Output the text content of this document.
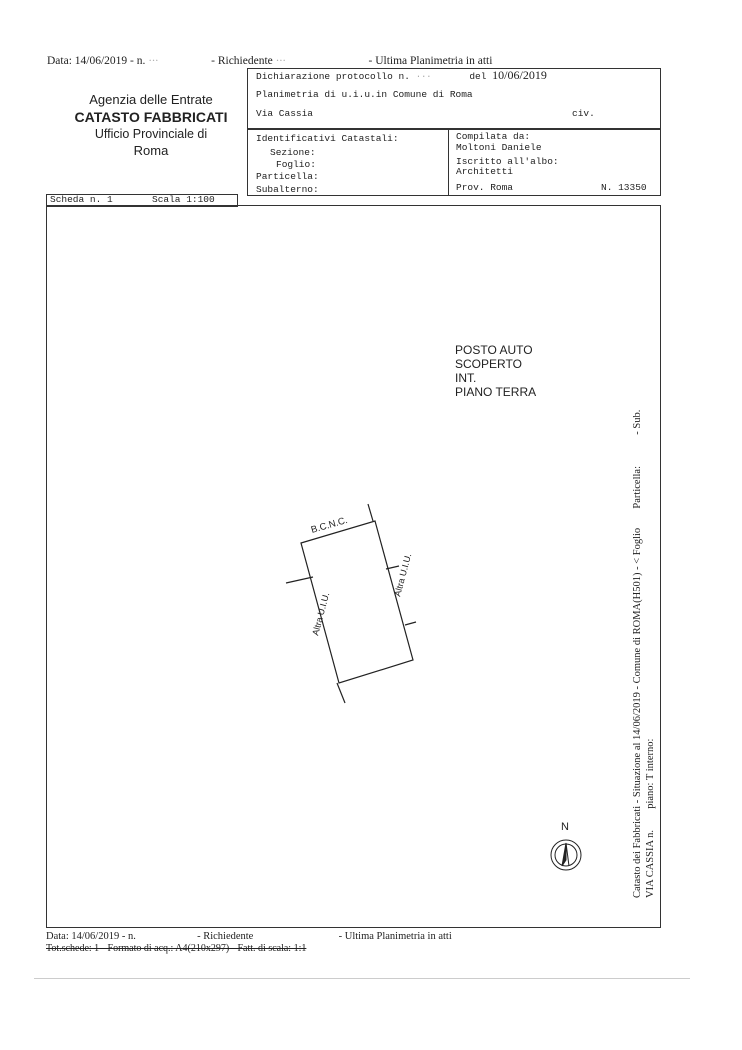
Data: 14/06/2019 - n. ···	- Richiedente ···	- Ultima Planimetria in atti
Agenzia delle Entrate
CATASTO FABBRICATI
Ufficio Provinciale di
Roma
Dichiarazione protocollo n. ···	del 10/06/2019
Planimetria di u.i.u.in Comune di Roma
Via Cassia	civ.
Identificativi Catastali:
Sezione:
Foglio:
Particella:
Subalterno:
Compilata da:
Moltoni Daniele
Iscritto all'albo:
Architetti
Prov. Roma	N. 13350
Scheda n. 1	Scala 1:100
POSTO AUTO
SCOPERTO
INT.
PIANO TERRA
B.C.N.C.
Altra U.I.U.
Altra U.I.U.
N	Catasto dei Fabbricati - Situazione al 14/06/2019 - Comune di ROMA(H501) - < Foglio  Particella:  - Sub.
VIA CASSIA n.  piano: T interno:
Data: 14/06/2019 - n.	- Richiedente	- Ultima Planimetria in atti
Tot.schede: 1 - Formato di acq.: A4(210x297) - Fatt. di scala: 1:1
